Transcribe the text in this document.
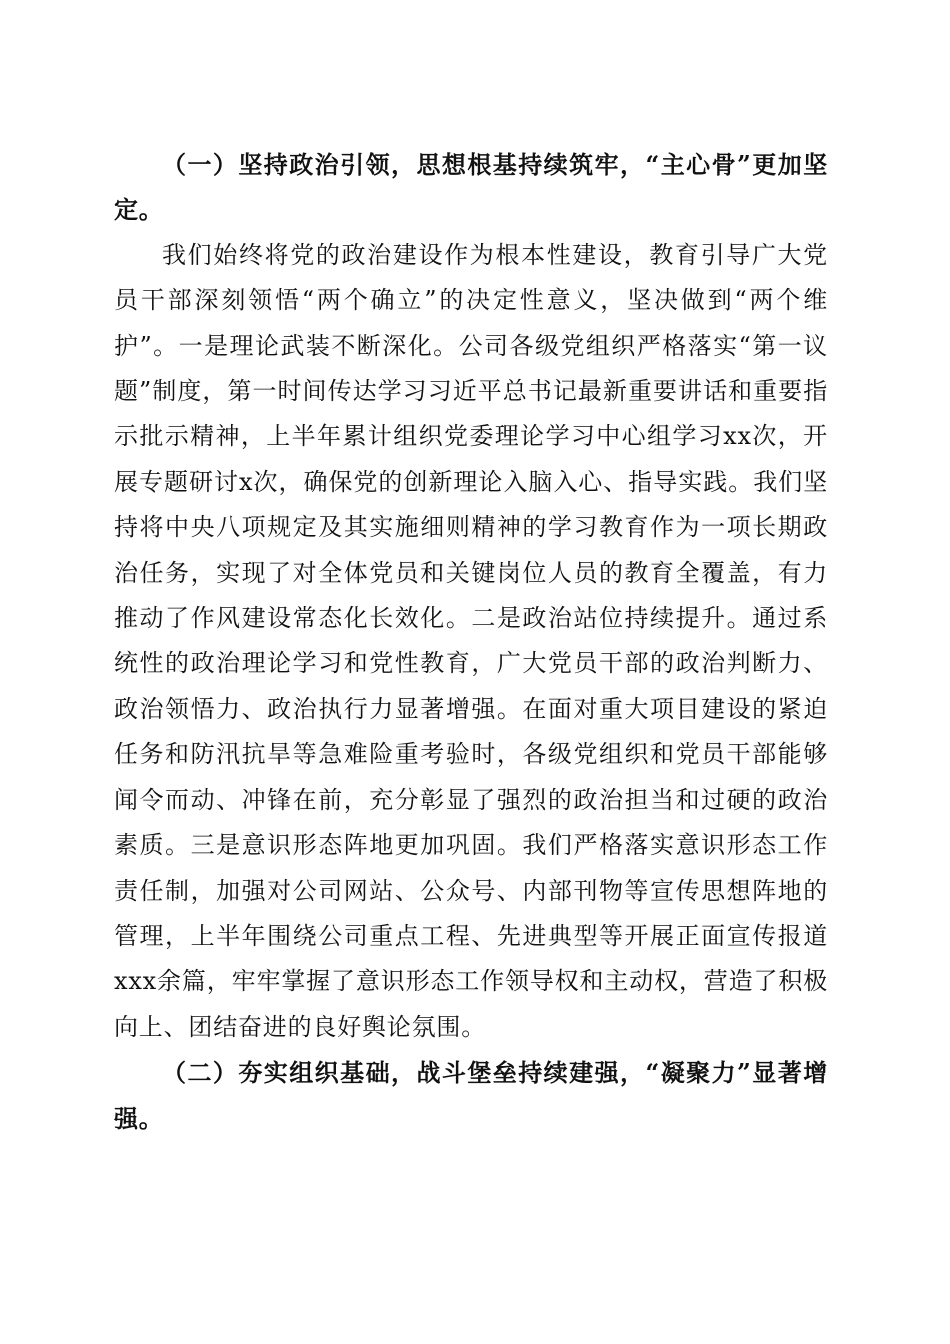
（一）坚持政治引领，思想根基持续筑牢，“主心骨”更加坚定。

我们始终将党的政治建设作为根本性建设，教育引导广大党员干部深刻领悟“两个确立”的决定性意义，坚决做到“两个维护”。一是理论武装不断深化。公司各级党组织严格落实“第一议题”制度，第一时间传达学习习近平总书记最新重要讲话和重要指示批示精神，上半年累计组织党委理论学习中心组学习xx次，开展专题研讨x次，确保党的创新理论入脑入心、指导实践。我们坚持将中央八项规定及其实施细则精神的学习教育作为一项长期政治任务，实现了对全体党员和关键岗位人员的教育全覆盖，有力推动了作风建设常态化长效化。二是政治站位持续提升。通过系统性的政治理论学习和党性教育，广大党员干部的政治判断力、政治领悟力、政治执行力显著增强。在面对重大项目建设的紧迫任务和防汛抗旱等急难险重考验时，各级党组织和党员干部能够闻令而动、冲锋在前，充分彰显了强烈的政治担当和过硬的政治素质。三是意识形态阵地更加巩固。我们严格落实意识形态工作责任制，加强对公司网站、公众号、内部刊物等宣传思想阵地的管理，上半年围绕公司重点工程、先进典型等开展正面宣传报道xxx余篇，牢牢掌握了意识形态工作领导权和主动权，营造了积极向上、团结奋进的良好舆论氛围。

（二）夯实组织基础，战斗堡垒持续建强，“凝聚力”显著增强。
